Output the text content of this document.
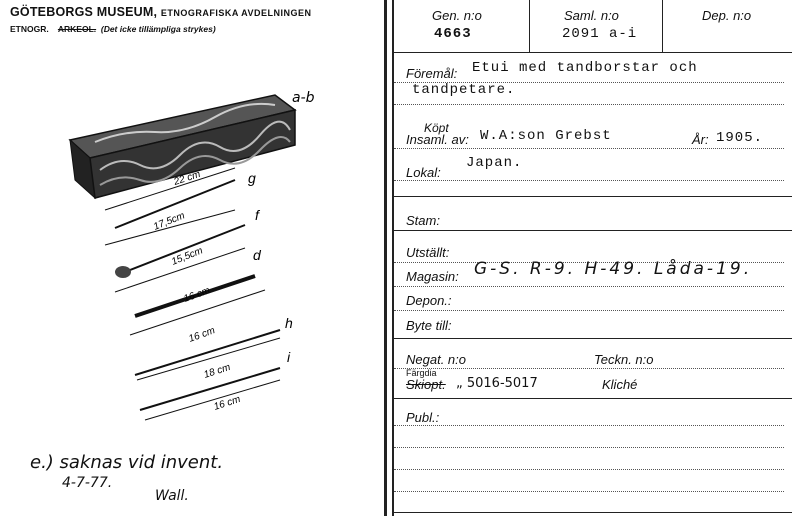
GÖTEBORGS MUSEUM, ETNOGRAFISKA AVDELNINGEN
ETNOGR. ARKEOL. (Det icke tillämpliga strykes)
a-b
22 cm	g
17,5cm	f
15,5cm	d
16 cm
16 cm
h
18 cm
i
16 cm
e.) saknas vid invent.
4-7-77.
Wall.
Gen. n:o
4663
Saml. n:o
2091 a-i
Dep. n:o
Föremål: Etui med tandborstar och
tandpetare.
Köpt
Insaml. av: W.A:son Grebst	År: 1905.
Lokal:
Japan.
Stam:
Utställt:
Magasin: G-S. R-9. H-49. Låda-19.
Depon.:
Byte till:
Negat. n:o	Teckn. n:o
Färgdia
Skiopt. „ 5016-5017	Kliché
Publ.:
